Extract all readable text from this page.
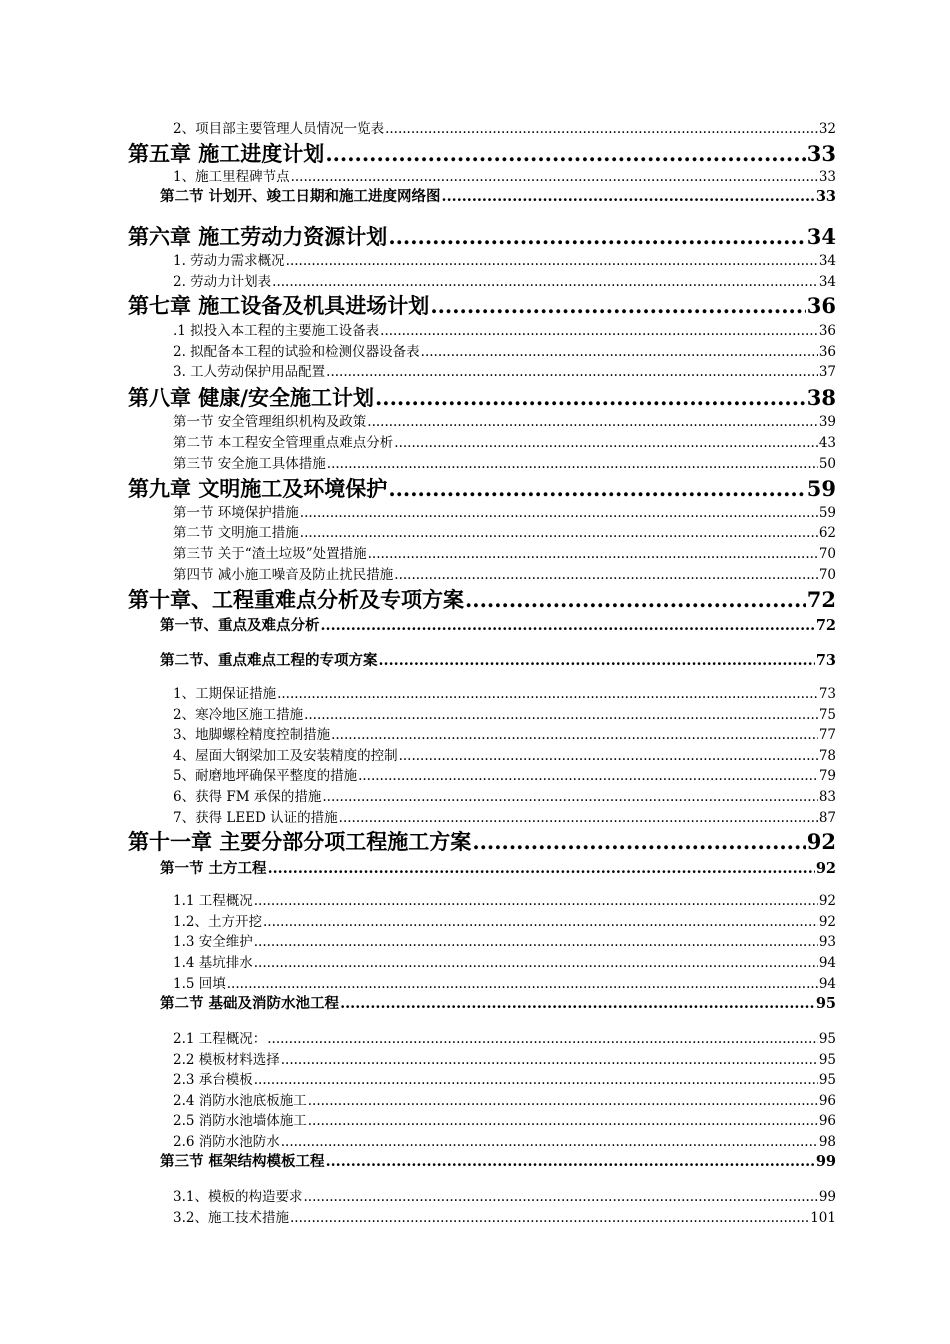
2、项目部主要管理人员情况一览表 .....	32
第五章 施工进度计划 .....	33
1、施工里程碑节点 .....	33
第二节 计划开、竣工日期和施工进度网络图 .....	33
第六章 施工劳动力资源计划 .....	34
1. 劳动力需求概况 .....	34
2. 劳动力计划表 .....	34
第七章 施工设备及机具进场计划 .....	36
.1 拟投入本工程的主要施工设备表 .....	36
2. 拟配备本工程的试验和检测仪器设备表 .....	36
3. 工人劳动保护用品配置 .....	37
第八章 健康/安全施工计划 .....	38
第一节 安全管理组织机构及政策 .....	39
第二节 本工程安全管理重点难点分析 .....	43
第三节 安全施工具体措施 .....	50
第九章 文明施工及环境保护 .....	59
第一节 环境保护措施 .....	59
第二节 文明施工措施 .....	62
第三节 关于“渣土垃圾”处置措施 .....	70
第四节 减小施工噪音及防止扰民措施 .....	70
第十章、工程重难点分析及专项方案 .....	72
第一节、重点及难点分析 .....	72
第二节、重点难点工程的专项方案 .....	73
1、工期保证措施 .....	73
2、寒冷地区施工措施 .....	75
3、地脚螺栓精度控制措施 .....	77
4、屋面大钢梁加工及安装精度的控制 .....	78
5、耐磨地坪确保平整度的措施 .....	79
6、获得 FM 承保的措施 .....	83
7、获得 LEED 认证的措施 .....	87
第十一章 主要分部分项工程施工方案 .....	92
第一节 土方工程 .....	92
1.1 工程概况 .....	92
1.2、土方开挖 .....	92
1.3 安全维护 .....	93
1.4 基坑排水 .....	94
1.5 回填 .....	94
第二节 基础及消防水池工程 .....	95
2.1 工程概况： .....	95
2.2 模板材料选择 .....	95
2.3 承台模板 .....	95
2.4 消防水池底板施工 .....	96
2.5 消防水池墙体施工 .....	96
2.6 消防水池防水 .....	98
第三节 框架结构模板工程 .....	99
3.1、模板的构造要求 .....	99
3.2、施工技术措施 .....	101
